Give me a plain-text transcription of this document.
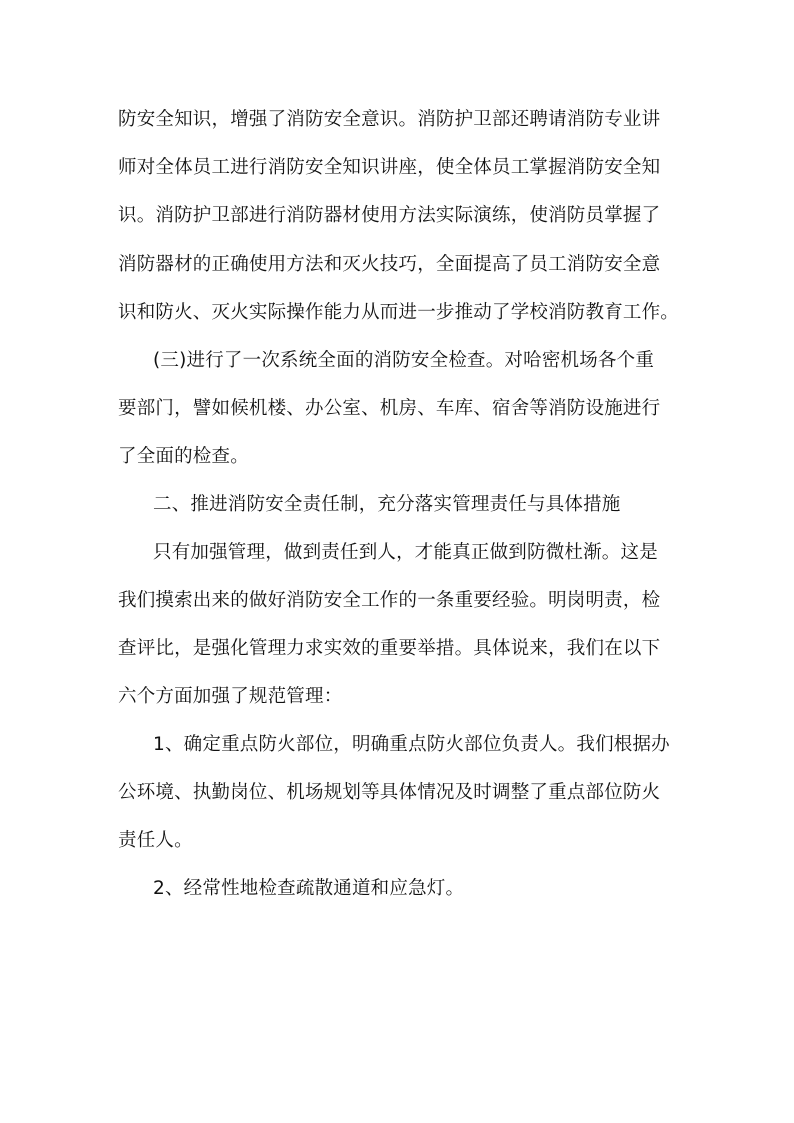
防安全知识，增强了消防安全意识。消防护卫部还聘请消防专业讲
师对全体员工进行消防安全知识讲座，使全体员工掌握消防安全知
识。消防护卫部进行消防器材使用方法实际演练，使消防员掌握了
消防器材的正确使用方法和灭火技巧，全面提高了员工消防安全意
识和防火、灭火实际操作能力从而进一步推动了学校消防教育工作。
(三)进行了一次系统全面的消防安全检查。对哈密机场各个重
要部门，譬如候机楼、办公室、机房、车库、宿舍等消防设施进行
了全面的检查。
二、推进消防安全责任制，充分落实管理责任与具体措施
只有加强管理，做到责任到人，才能真正做到防微杜渐。这是
我们摸索出来的做好消防安全工作的一条重要经验。明岗明责，检
查评比，是强化管理力求实效的重要举措。具体说来，我们在以下
六个方面加强了规范管理：
1、确定重点防火部位，明确重点防火部位负责人。我们根据办
公环境、执勤岗位、机场规划等具体情况及时调整了重点部位防火
责任人。
2、经常性地检查疏散通道和应急灯。
